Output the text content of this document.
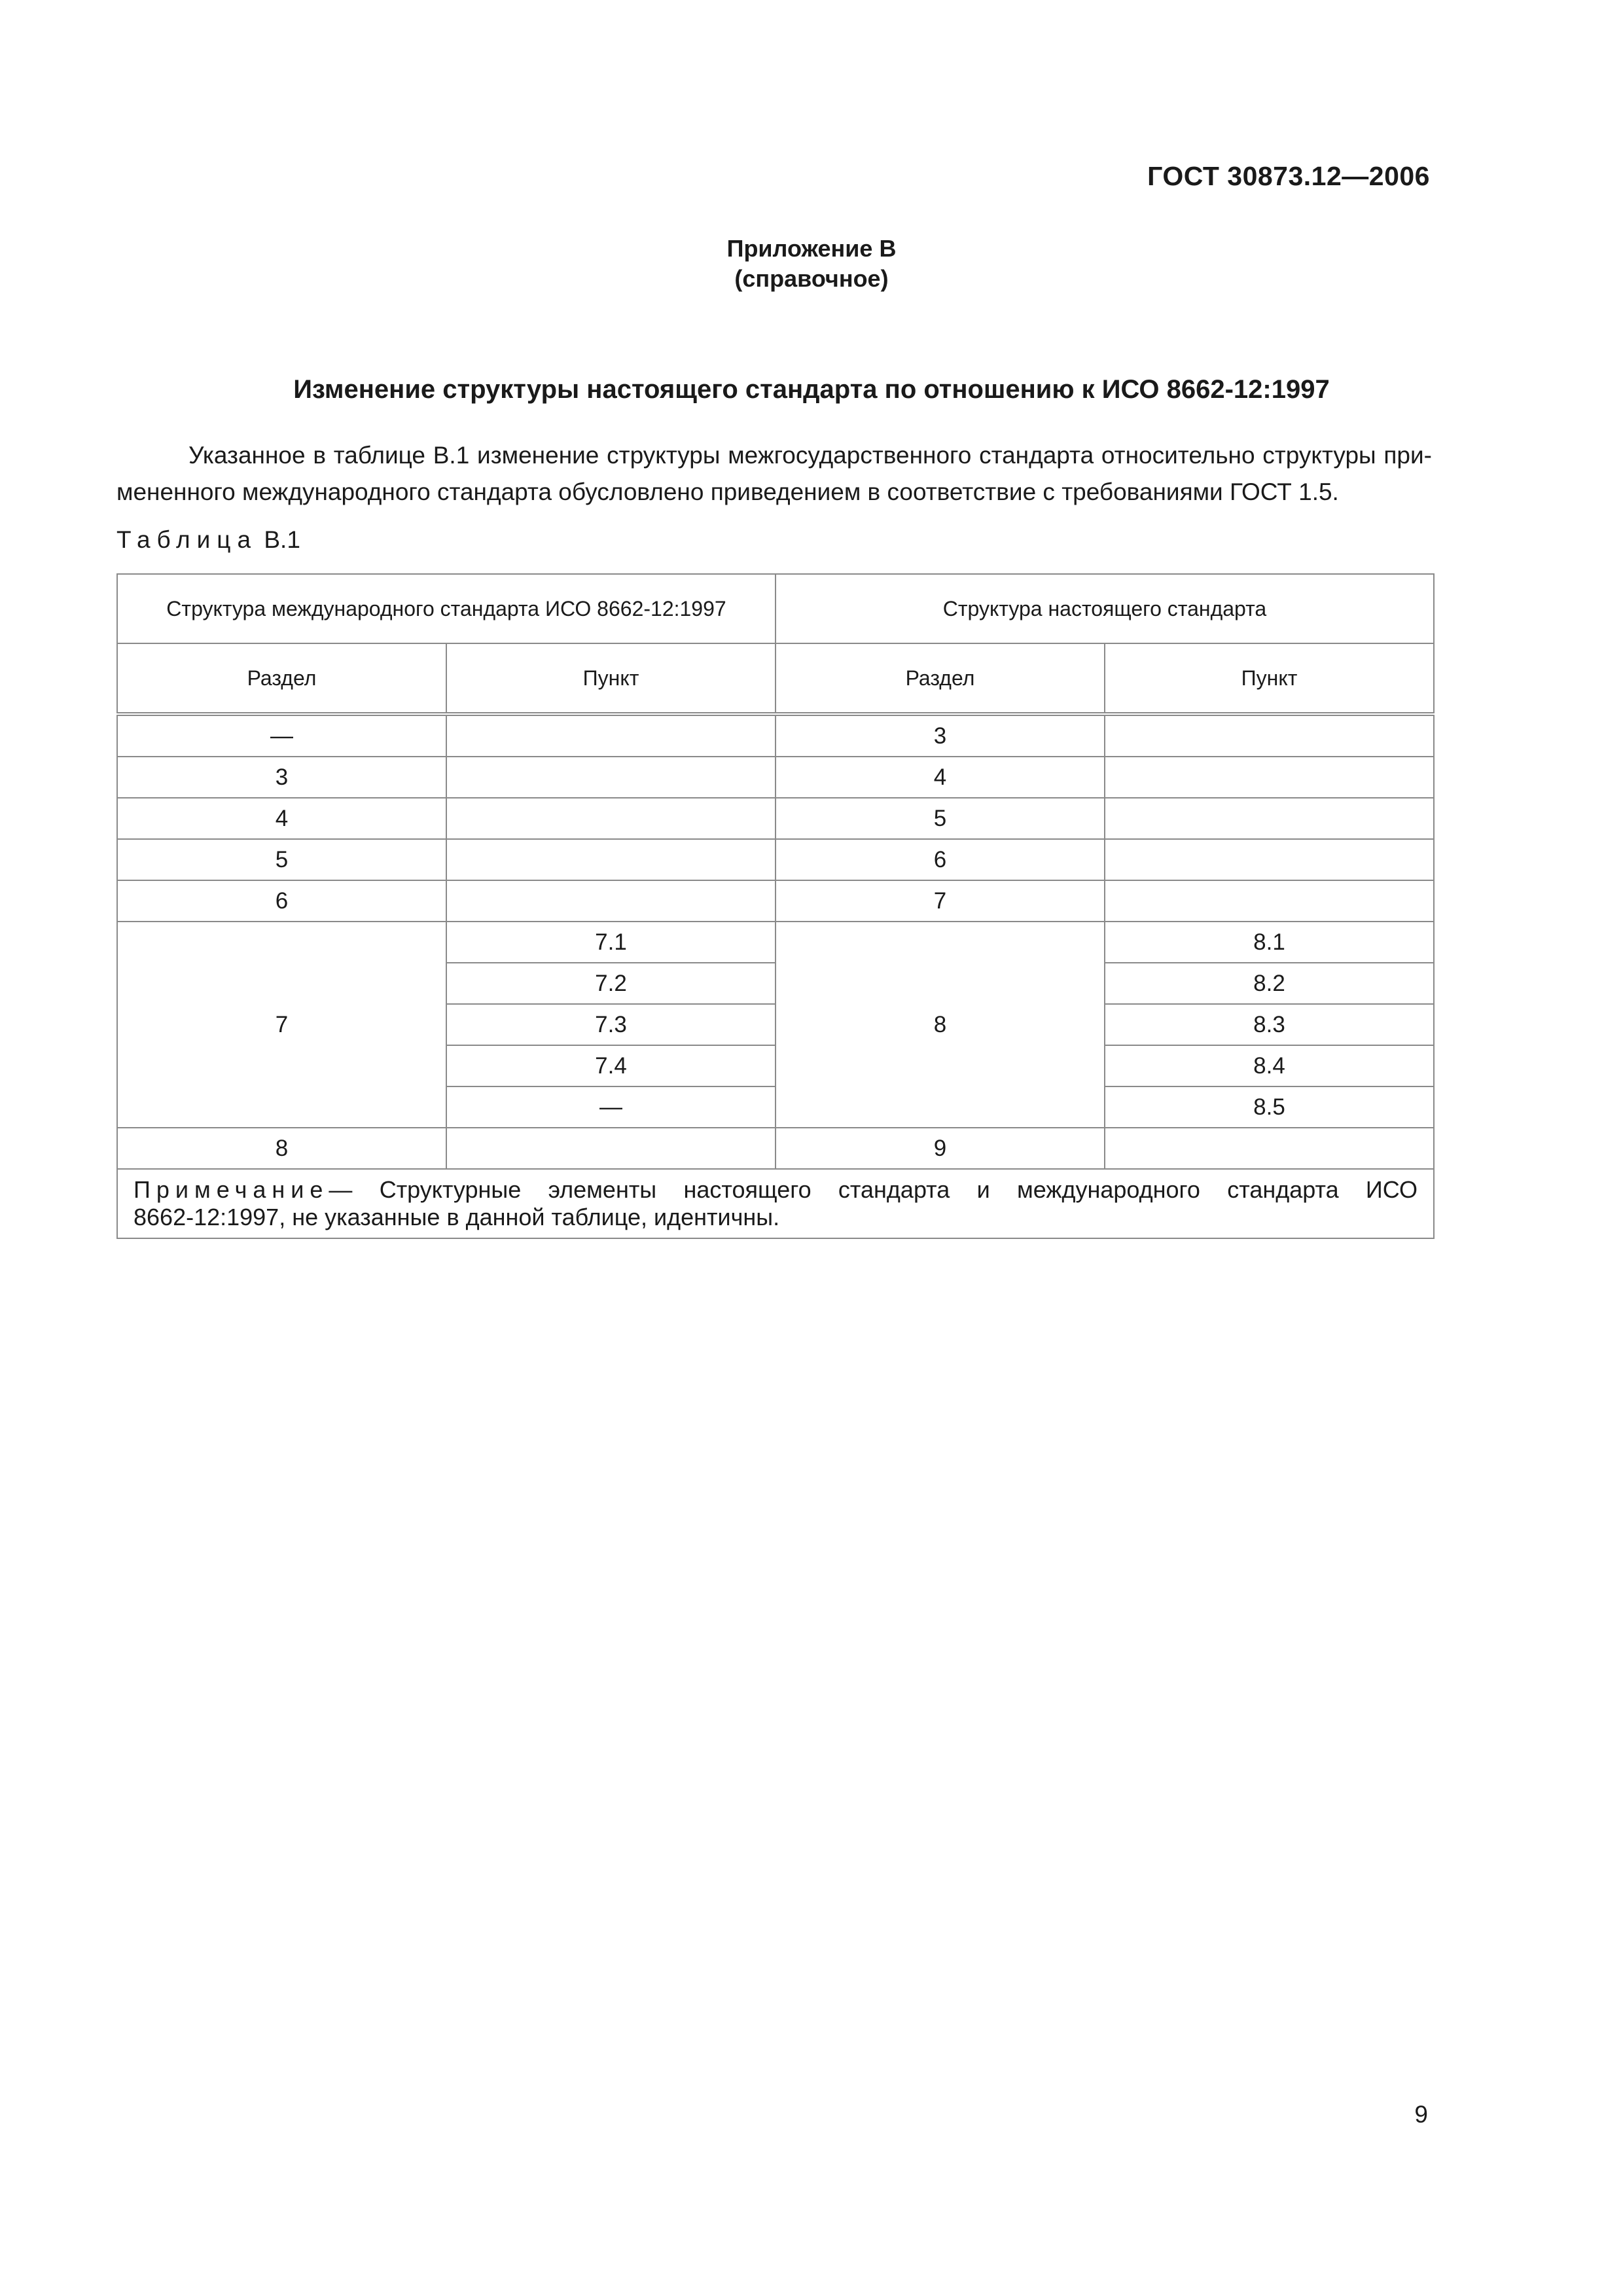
ГОСТ 30873.12—2006
Приложение В
(справочное)
Изменение структуры настоящего стандарта по отношению к ИСО 8662-12:1997
Указанное в таблице В.1 изменение структуры межгосударственного стандарта относительно структуры при-
мененного международного стандарта обусловлено приведением в соответствие с требованиями ГОСТ 1.5.
Таблица В.1
Структура международного стандарта ИСО 8662-12:1997		Структура настоящего стандарта	
Раздел	Пункт	Раздел	Пункт
—		3	
3		4	
4		5	
5		6	
6		7	
7	7.1	8	8.1
	7.2		8.2
	7.3		8.3
	7.4		8.4
	—		8.5
8		9	

Примечание— Структурные элементы настоящего стандарта и международного стандарта ИСО
8662-12:1997, не указанные в данной таблице, идентичны.			
9
